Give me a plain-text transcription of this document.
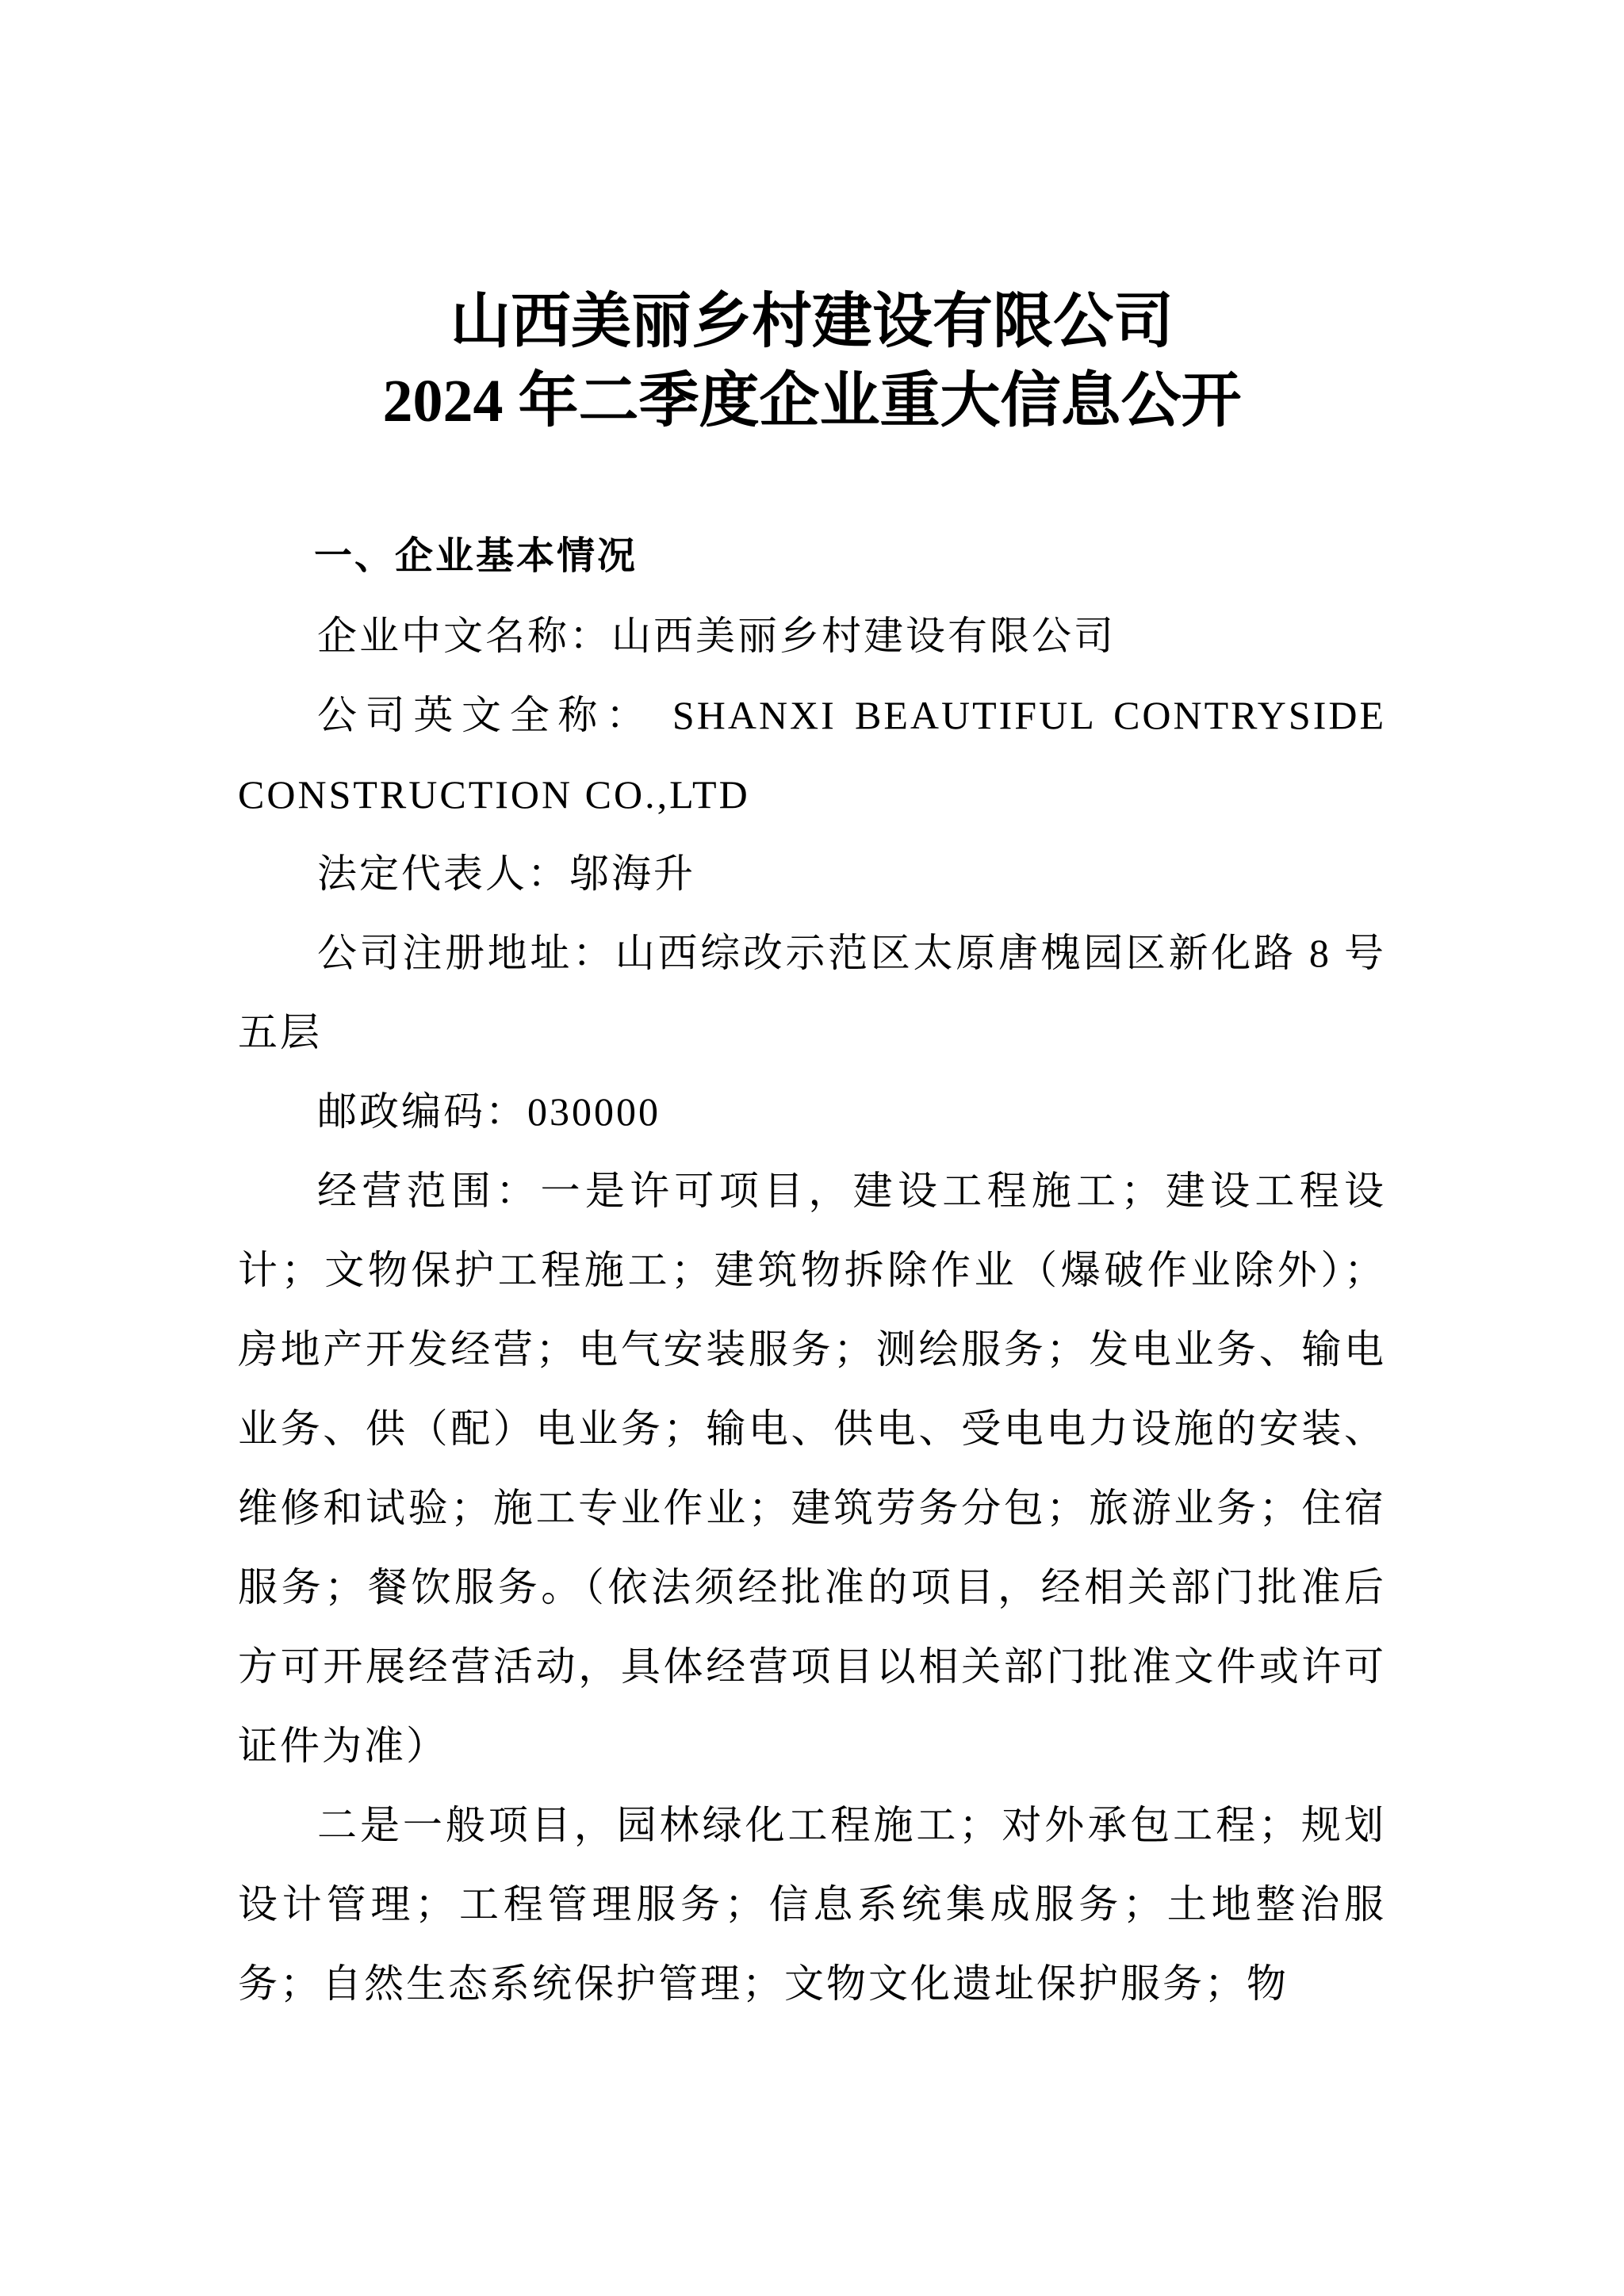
山西美丽乡村建设有限公司
2024 年二季度企业重大信息公开
一、企业基本情况

企业中文名称：山西美丽乡村建设有限公司

公司英文全称： SHANXI BEAUTIFUL CONTRYSIDE CONSTRUCTION CO.,LTD

法定代表人：邬海升

公司注册地址：山西综改示范区太原唐槐园区新化路 8 号五层

邮政编码：030000

经营范围：一是许可项目，建设工程施工；建设工程设计；文物保护工程施工；建筑物拆除作业（爆破作业除外）；房地产开发经营；电气安装服务；测绘服务；发电业务、输电业务、供（配）电业务；输电、供电、受电电力设施的安装、维修和试验；施工专业作业；建筑劳务分包；旅游业务；住宿服务；餐饮服务。（依法须经批准的项目，经相关部门批准后方可开展经营活动，具体经营项目以相关部门批准文件或许可证件为准）

二是一般项目，园林绿化工程施工；对外承包工程；规划设计管理；工程管理服务；信息系统集成服务；土地整治服务；自然生态系统保护管理；文物文化遗址保护服务；物
